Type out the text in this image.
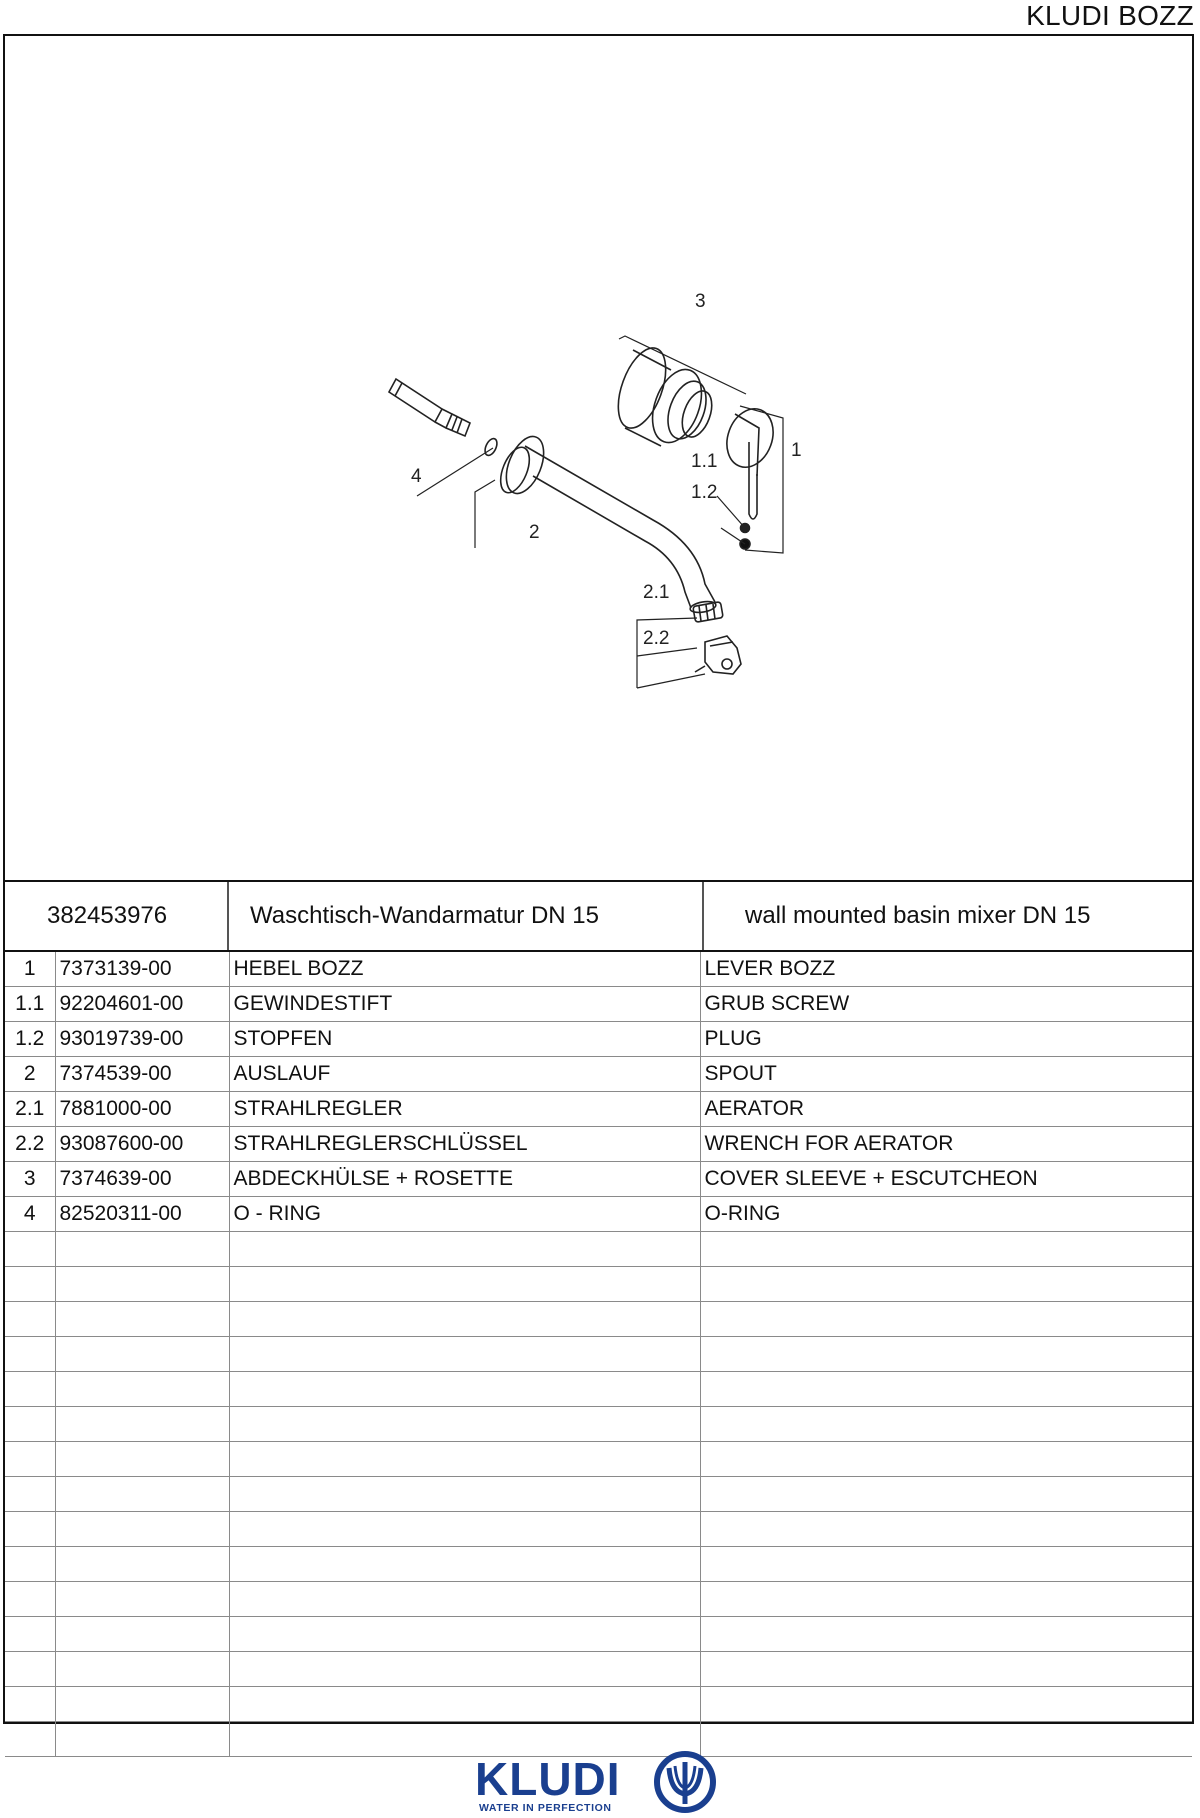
KLUDI BOZZ
3
1
1.1
1.2
4
2
2.1
2.2
382453976	Waschtisch-Wandarmatur DN 15	wall mounted basin mixer DN 15
1	7373139-00	HEBEL BOZZ	LEVER BOZZ
1.1	92204601-00	GEWINDESTIFT	GRUB SCREW
1.2	93019739-00	STOPFEN	PLUG
2	7374539-00	AUSLAUF	SPOUT
2.1	7881000-00	STRAHLREGLER	AERATOR
2.2	93087600-00	STRAHLREGLERSCHLÜSSEL	WRENCH FOR AERATOR
3	7374639-00	ABDECKHÜLSE + ROSETTE	COVER SLEEVE + ESCUTCHEON
4	82520311-00	O - RING	O-RING

KLUDI
WATER IN PERFECTION
